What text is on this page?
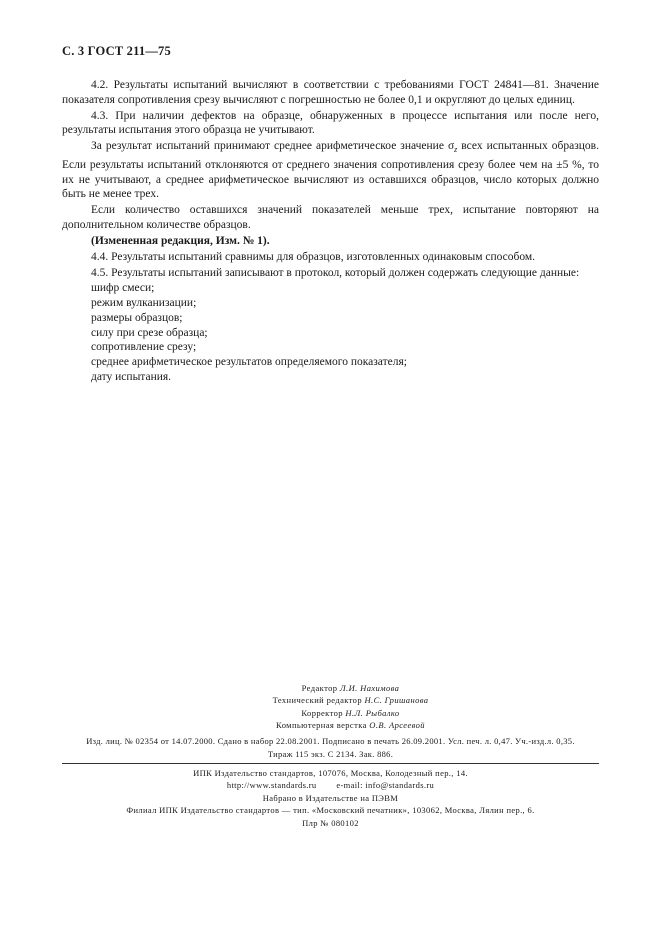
С. 3 ГОСТ 211—75

4.2. Результаты испытаний вычисляют в соответствии с требованиями ГОСТ 24841—81. Значение показателя сопротивления срезу вычисляют с погрешностью не более 0,1 и округляют до целых единиц.

4.3. При наличии дефектов на образце, обнаруженных в процессе испытания или после него, результаты испытания этого образца не учитывают.

За результат испытаний принимают среднее арифметическое значение $\sigma_z$ всех испытанных образцов. Если результаты испытаний отклоняются от среднего значения сопротивления срезу более чем на ±5 %, то их не учитывают, а среднее арифметическое вычисляют из оставшихся образцов, число которых должно быть не менее трех.

Если количество оставшихся значений показателей меньше трех, испытание повторяют на дополнительном количестве образцов.

(Измененная редакция, Изм. № 1).

4.4. Результаты испытаний сравнимы для образцов, изготовленных одинаковым способом.

4.5. Результаты испытаний записывают в протокол, который должен содержать следующие данные:

шифр смеси;
режим вулканизации;
размеры образцов;
силу при срезе образца;
сопротивление срезу;
среднее арифметическое результатов определяемого показателя;
дату испытания.
Редактор Л.И. Нахимова
Технический редактор Н.С. Гришанова
Корректор Н.Л. Рыбалко
Компьютерная верстка О.В. Арсеевой
Изд. лиц. № 02354 от 14.07.2000. Сдано в набор 22.08.2001. Подписано в печать 26.09.2001. Усл. печ. л. 0,47. Уч.-изд.л. 0,35.
Тираж 115 экз. С 2134. Зак. 886.
ИПК Издательство стандартов, 107076, Москва, Колодезный пер., 14.
http://www.standards.ru        e-mail: info@standards.ru
Набрано в Издательстве на ПЭВМ
Филиал ИПК Издательство стандартов — тип. «Московский печатник», 103062, Москва, Лялин пер., 6.
Плр № 080102
